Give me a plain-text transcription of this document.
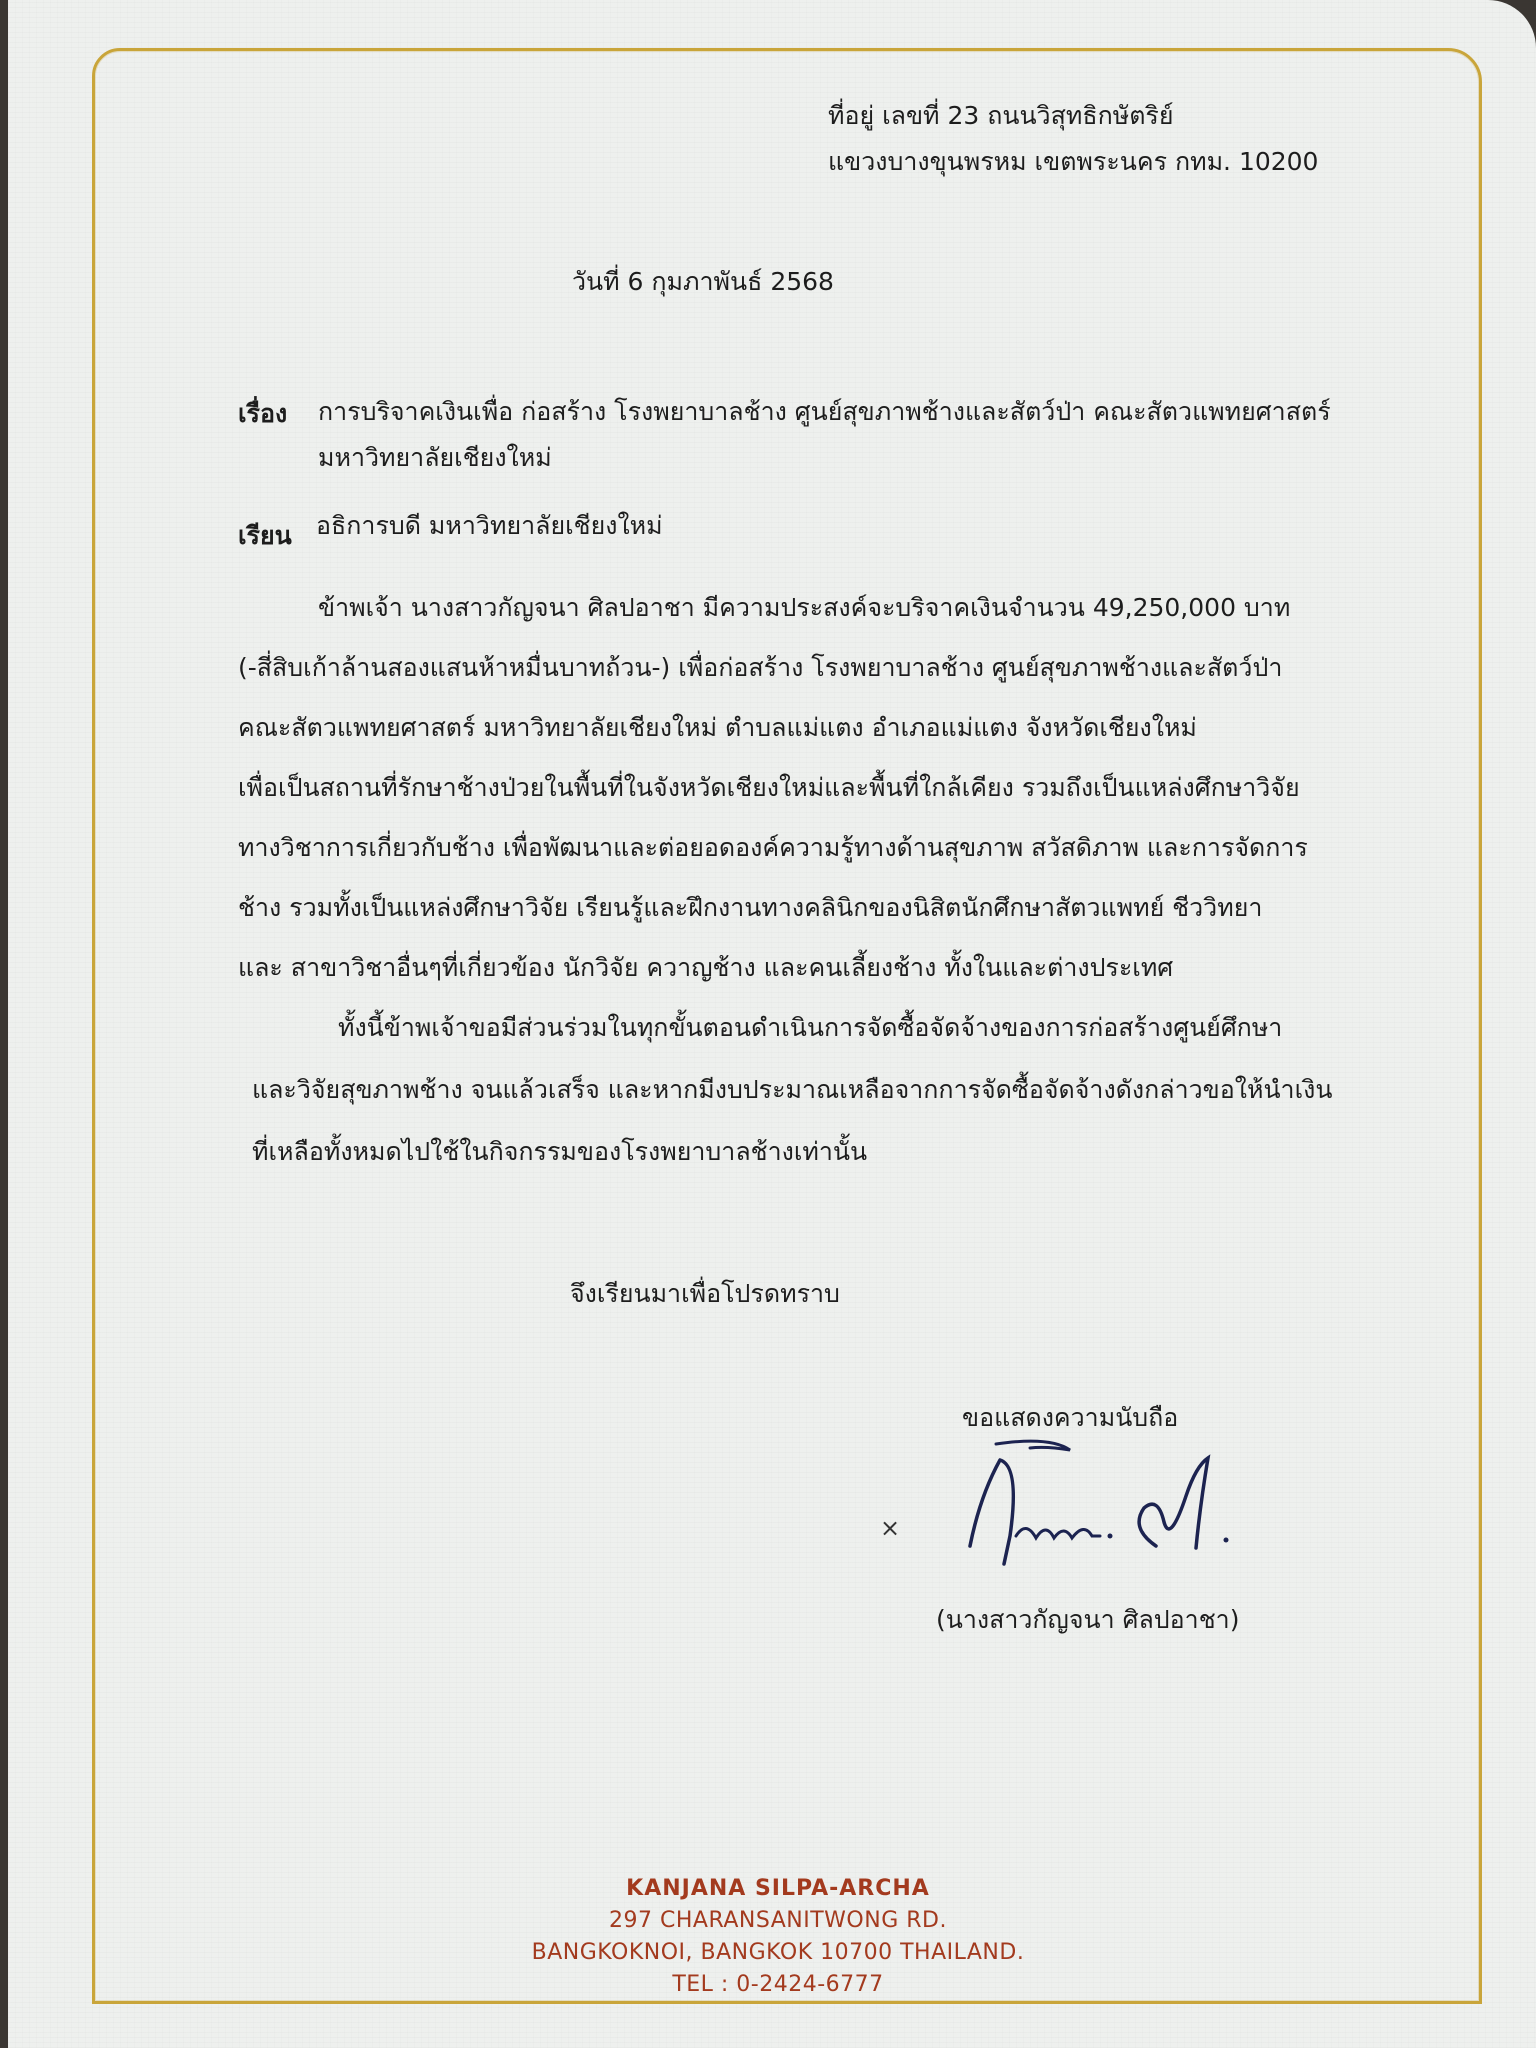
ที่อยู่ เลขที่ 23 ถนนวิสุทธิกษัตริย์
แขวงบางขุนพรหม เขตพระนคร กทม. 10200
วันที่ 6 กุมภาพันธ์ 2568
เรื่อง การบริจาคเงินเพื่อ ก่อสร้าง โรงพยาบาลช้าง ศูนย์สุขภาพช้างและสัตว์ป่า คณะสัตวแพทยศาสตร์
มหาวิทยาลัยเชียงใหม่
เรียน อธิการบดี มหาวิทยาลัยเชียงใหม่
ข้าพเจ้า นางสาวกัญจนา ศิลปอาชา มีความประสงค์จะบริจาคเงินจำนวน 49,250,000 บาท
(-สี่สิบเก้าล้านสองแสนห้าหมื่นบาทถ้วน-) เพื่อก่อสร้าง โรงพยาบาลช้าง ศูนย์สุขภาพช้างและสัตว์ป่า
คณะสัตวแพทยศาสตร์ มหาวิทยาลัยเชียงใหม่ ตำบลแม่แตง อำเภอแม่แตง จังหวัดเชียงใหม่
เพื่อเป็นสถานที่รักษาช้างป่วยในพื้นที่ในจังหวัดเชียงใหม่และพื้นที่ใกล้เคียง รวมถึงเป็นแหล่งศึกษาวิจัย
ทางวิชาการเกี่ยวกับช้าง เพื่อพัฒนาและต่อยอดองค์ความรู้ทางด้านสุขภาพ สวัสดิภาพ และการจัดการ
ช้าง รวมทั้งเป็นแหล่งศึกษาวิจัย เรียนรู้และฝึกงานทางคลินิกของนิสิตนักศึกษาสัตวแพทย์ ชีววิทยา
และ สาขาวิชาอื่นๆที่เกี่ยวข้อง นักวิจัย ควาญช้าง และคนเลี้ยงช้าง ทั้งในและต่างประเทศ
ทั้งนี้ข้าพเจ้าขอมีส่วนร่วมในทุกขั้นตอนดำเนินการจัดซื้อจัดจ้างของการก่อสร้างศูนย์ศึกษา
และวิจัยสุขภาพช้าง จนแล้วเสร็จ และหากมีงบประมาณเหลือจากการจัดซื้อจัดจ้างดังกล่าวขอให้นำเงิน
ที่เหลือทั้งหมดไปใช้ในกิจกรรมของโรงพยาบาลช้างเท่านั้น
จึงเรียนมาเพื่อโปรดทราบ
ขอแสดงความนับถือ
×
(นางสาวกัญจนา ศิลปอาชา)
KANJANA SILPA-ARCHA
297 CHARANSANITWONG RD.
BANGKOKNOI, BANGKOK 10700 THAILAND.
TEL : 0-2424-6777
